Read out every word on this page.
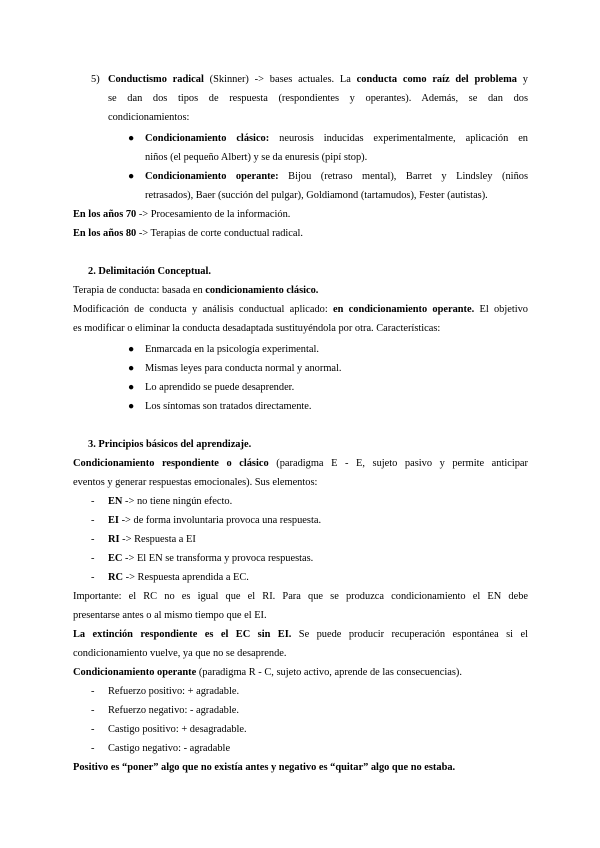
5) Conductismo radical (Skinner) -> bases actuales. La conducta como raíz del problema y
se dan dos tipos de respuesta (respondientes y operantes). Además, se dan dos
condicionamientos:
● Condicionamiento clásico: neurosis inducidas experimentalmente, aplicación en
niños (el pequeño Albert) y se da enuresis (pipí stop).
● Condicionamiento operante: Bijou (retraso mental), Barret y Lindsley (niños
retrasados), Baer (succión del pulgar), Goldiamond (tartamudos), Fester (autistas).
En los años 70 -> Procesamiento de la información.
En los años 80 -> Terapias de corte conductual radical.
2. Delimitación Conceptual.
Terapia de conducta: basada en condicionamiento clásico.
Modificación de conducta y análisis conductual aplicado: en condicionamiento operante. El objetivo
es modificar o eliminar la conducta desadaptada sustituyéndola por otra. Características:
● Enmarcada en la psicología experimental.
● Mismas leyes para conducta normal y anormal.
● Lo aprendido se puede desaprender.
● Los síntomas son tratados directamente.
3. Principios básicos del aprendizaje.
Condicionamiento respondiente o clásico (paradigma E - E, sujeto pasivo y permite anticipar
eventos y generar respuestas emocionales). Sus elementos:
- EN -> no tiene ningún efecto.
- EI -> de forma involuntaria provoca una respuesta.
- RI -> Respuesta a EI
- EC -> El EN se transforma y provoca respuestas.
- RC -> Respuesta aprendida a EC.
Importante: el RC no es igual que el RI. Para que se produzca condicionamiento el EN debe
presentarse antes o al mismo tiempo que el EI.
La extinción respondiente es el EC sin EI. Se puede producir recuperación espontánea si el
condicionamiento vuelve, ya que no se desaprende.
Condicionamiento operante (paradigma R - C, sujeto activo, aprende de las consecuencias).
- Refuerzo positivo: + agradable.
- Refuerzo negativo: - agradable.
- Castigo positivo: + desagradable.
- Castigo negativo: - agradable
Positivo es “poner” algo que no existía antes y negativo es “quitar” algo que no estaba.
